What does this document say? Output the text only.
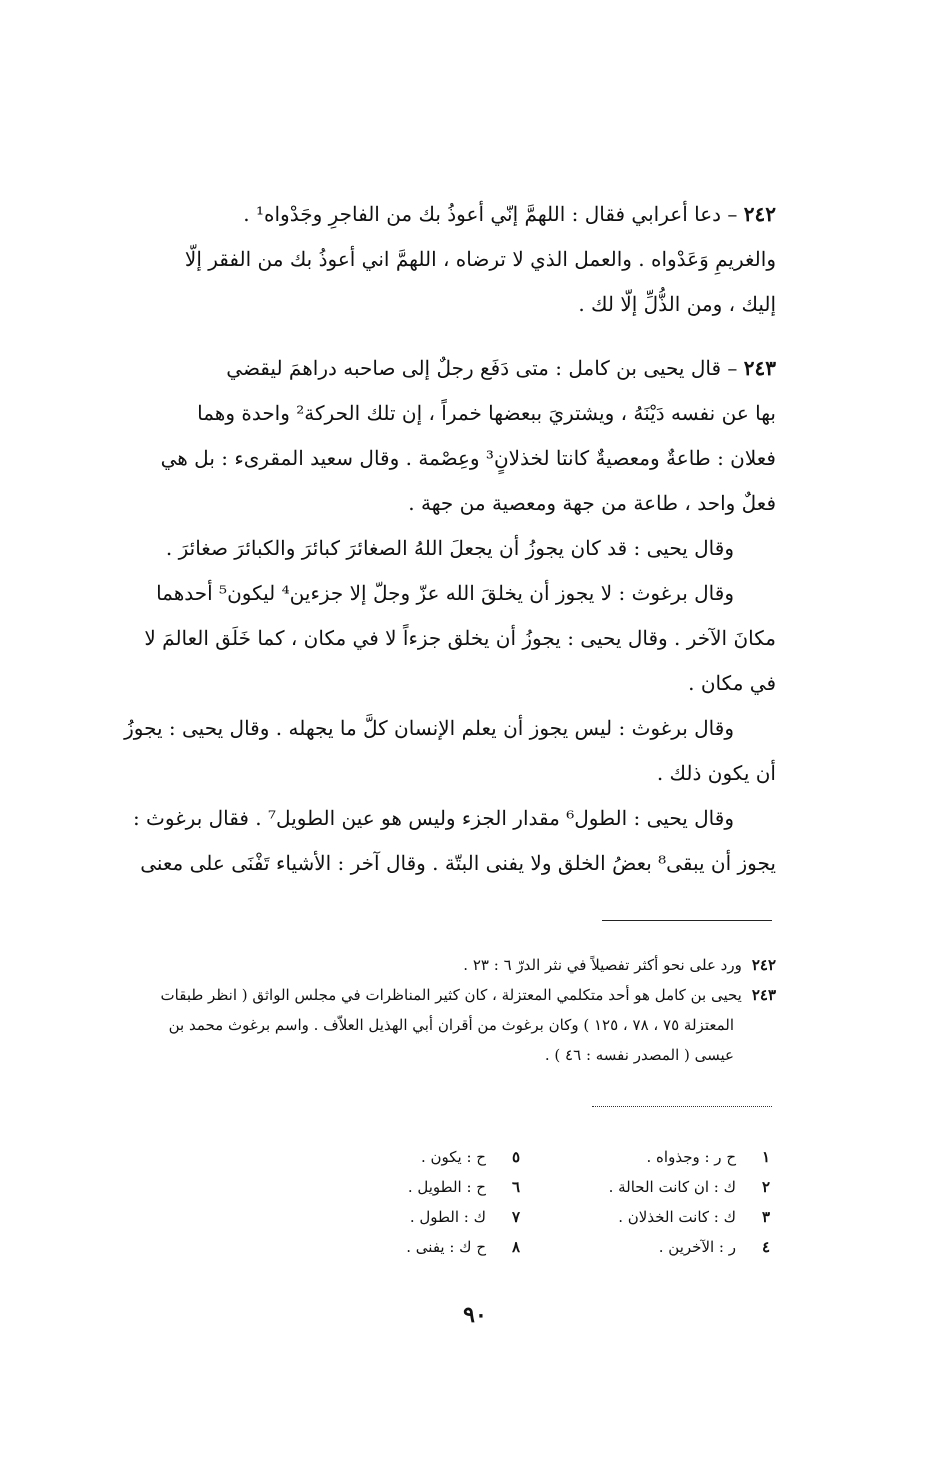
٢٤٢ – دعا أعرابي فقال : اللهمَّ إنّي أعوذُ بك من الفاجرِ وجَدْواه¹ .

والغريمِ وَعَدْواه . والعمل الذي لا ترضاه ، اللهمَّ اني أعوذُ بك من الفقر إلّا

إليك ، ومن الذُّلِّ إلّا لك .

٢٤٣ – قال يحيى بن كامل : متى دَفَع رجلٌ إلى صاحبه دراهمَ ليقضي

بها عن نفسه دَيْنَهُ ، ويشتريَ ببعضها خمراً ، إن تلك الحركة² واحدة وهما

فعلان : طاعةٌ ومعصيةٌ كانتا لخذلانٍ³ وعِصْمة . وقال سعيد المقرىء : بل هي

فعلٌ واحد ، طاعة من جهة ومعصية من جهة .

وقال يحيى : قد كان يجوزُ أن يجعلَ اللهُ الصغائرَ كبائرَ والكبائرَ صغائرَ .

وقال برغوث : لا يجوز أن يخلقَ الله عزّ وجلّ إلا جزءين⁴ ليكون⁵ أحدهما

مكانَ الآخر . وقال يحيى : يجوزُ أن يخلق جزءاً لا في مكان ، كما خَلَق العالمَ لا

في مكان .

وقال برغوث : ليس يجوز أن يعلم الإنسان كلَّ ما يجهله . وقال يحيى : يجوزُ

أن يكون ذلك .

وقال يحيى : الطول⁶ مقدار الجزء وليس هو عين الطويل⁷ . فقال برغوث :

يجوز أن يبقى⁸ بعضُ الخلق ولا يفنى البتّة . وقال آخر : الأشياء تَفْنَى على معنى

٢٤٢ورد على نحو أكثر تفصيلاً في نثر الدرّ ٦ : ٢٣ .

٢٤٣يحيى بن كامل هو أحد متكلمي المعتزلة ، كان كثير المناظرات في مجلس الواثق ( انظر طبقات

المعتزلة ٧٥ ، ٧٨ ، ١٢٥ ) وكان برغوث من أقران أبي الهذيل العلاّف . واسم برغوث محمد بن

عيسى ( المصدر نفسه : ٤٦ ) .

١ح ر : وجذواه .
٢ك : ان كانت الحالة .
٣ك : كانت الخذلان .
٤ر : الآخرين .
٥ح : يكون .
٦ح : الطويل .
٧ك : الطول .
٨ح ك : يفنى .
٩٠
